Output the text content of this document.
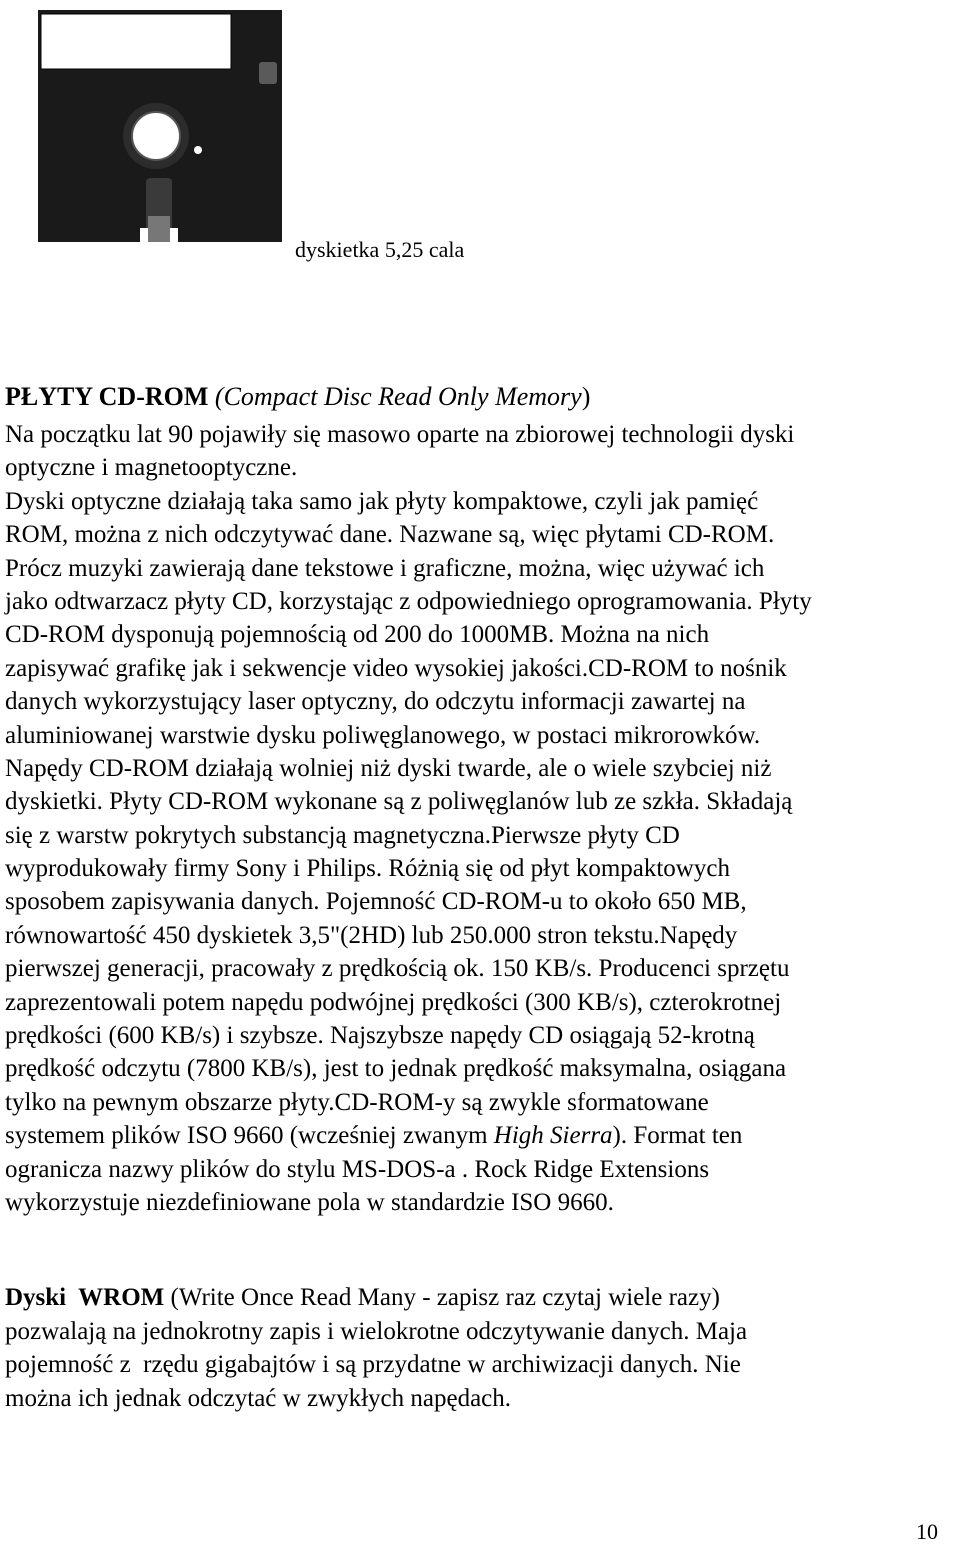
dyskietka 5,25 cala
PŁYTY CD-ROM (Compact Disc Read Only Memory)
Na początku lat 90 pojawiły się masowo oparte na zbiorowej technologii dyski
optyczne i magnetooptyczne.
Dyski optyczne działają taka samo jak płyty kompaktowe, czyli jak pamięć
ROM, można z nich odczytywać dane. Nazwane są, więc płytami CD-ROM.
Prócz muzyki zawierają dane tekstowe i graficzne, można, więc używać ich
jako odtwarzacz płyty CD, korzystając z odpowiedniego oprogramowania. Płyty
CD-ROM dysponują pojemnością od 200 do 1000MB. Można na nich
zapisywać grafikę jak i sekwencje video wysokiej jakości.CD-ROM to nośnik
danych wykorzystujący laser optyczny, do odczytu informacji zawartej na
aluminiowanej warstwie dysku poliwęglanowego, w postaci mikrorowków.
Napędy CD-ROM działają wolniej niż dyski twarde, ale o wiele szybciej niż
dyskietki. Płyty CD-ROM wykonane są z poliwęglanów lub ze szkła. Składają
się z warstw pokrytych substancją magnetyczna.Pierwsze płyty CD
wyprodukowały firmy Sony i Philips. Różnią się od płyt kompaktowych
sposobem zapisywania danych. Pojemność CD-ROM-u to około 650 MB,
równowartość 450 dyskietek 3,5"(2HD) lub 250.000 stron tekstu.Napędy
pierwszej generacji, pracowały z prędkością ok. 150 KB/s. Producenci sprzętu
zaprezentowali potem napędu podwójnej prędkości (300 KB/s), czterokrotnej
prędkości (600 KB/s) i szybsze. Najszybsze napędy CD osiągają 52-krotną
prędkość odczytu (7800 KB/s), jest to jednak prędkość maksymalna, osiągana
tylko na pewnym obszarze płyty.CD-ROM-y są zwykle sformatowane
systemem plików ISO 9660 (wcześniej zwanym High Sierra). Format ten
ogranicza nazwy plików do stylu MS-DOS-a . Rock Ridge Extensions
wykorzystuje niezdefiniowane pola w standardzie ISO 9660.
Dyski  WROM (Write Once Read Many - zapisz raz czytaj wiele razy)
pozwalają na jednokrotny zapis i wielokrotne odczytywanie danych. Maja
pojemność z  rzędu gigabajtów i są przydatne w archiwizacji danych. Nie
można ich jednak odczytać w zwykłych napędach.
10
